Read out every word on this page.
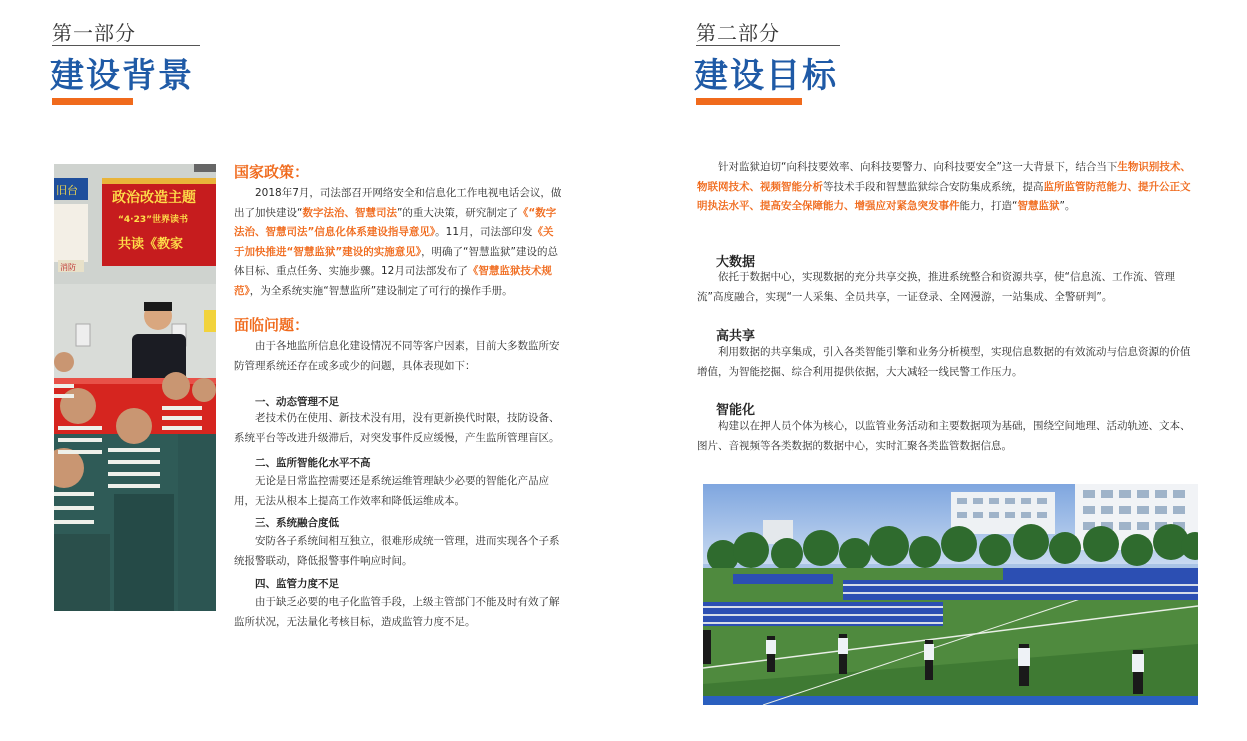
第一部分
建设背景
政治改造主题
“4·23”世界读书
共读《教家
旧台
消防
国家政策：
2018年7月，司法部召开网络安全和信息化工作电视电话会议，做出了加快建设“数字法治、智慧司法”的重大决策，研究制定了《“数字法治、智慧司法”信息化体系建设指导意见》。11月，司法部印发《关于加快推进“智慧监狱”建设的实施意见》，明确了“智慧监狱”建设的总体目标、重点任务、实施步骤。12月司法部发布了《智慧监狱技术规范》，为全系统实施“智慧监所”建设制定了可行的操作手册。
面临问题：
由于各地监所信息化建设情况不同等客户因素，目前大多数监所安防管理系统还存在或多或少的问题，具体表现如下：
一、动态管理不足
老技术仍在使用、新技术没有用，没有更新换代时限，技防设备、系统平台等改进升级滞后，对突发事件反应缓慢，产生监所管理盲区。
二、监所智能化水平不高
无论是日常监控需要还是系统运维管理缺少必要的智能化产品应用，无法从根本上提高工作效率和降低运维成本。
三、系统融合度低
安防各子系统间相互独立，很难形成统一管理，进而实现各个子系统报警联动，降低报警事件响应时间。
四、监管力度不足
由于缺乏必要的电子化监管手段，上级主管部门不能及时有效了解监所状况，无法量化考核目标，造成监管力度不足。
第二部分
建设目标
针对监狱迫切“向科技要效率、向科技要警力、向科技要安全”这一大背景下，结合当下生物识别技术、物联网技术、视频智能分析等技术手段和智慧监狱综合安防集成系统，提高监所监管防范能力、提升公正文明执法水平、提高安全保障能力、增强应对紧急突发事件能力，打造“智慧监狱”。
大数据
依托于数据中心，实现数据的充分共享交换，推进系统整合和资源共享，使“信息流、工作流、管理流”高度融合，实现“一人采集、全员共享，一证登录、全网漫游，一站集成、全警研判”。
高共享
利用数据的共享集成，引入各类智能引擎和业务分析模型，实现信息数据的有效流动与信息资源的价值增值，为智能挖掘、综合利用提供依据，大大减轻一线民警工作压力。
智能化
构建以在押人员个体为核心，以监管业务活动和主要数据项为基础，围绕空间地理、活动轨迹、文本、图片、音视频等各类数据的数据中心，实时汇聚各类监管数据信息。
